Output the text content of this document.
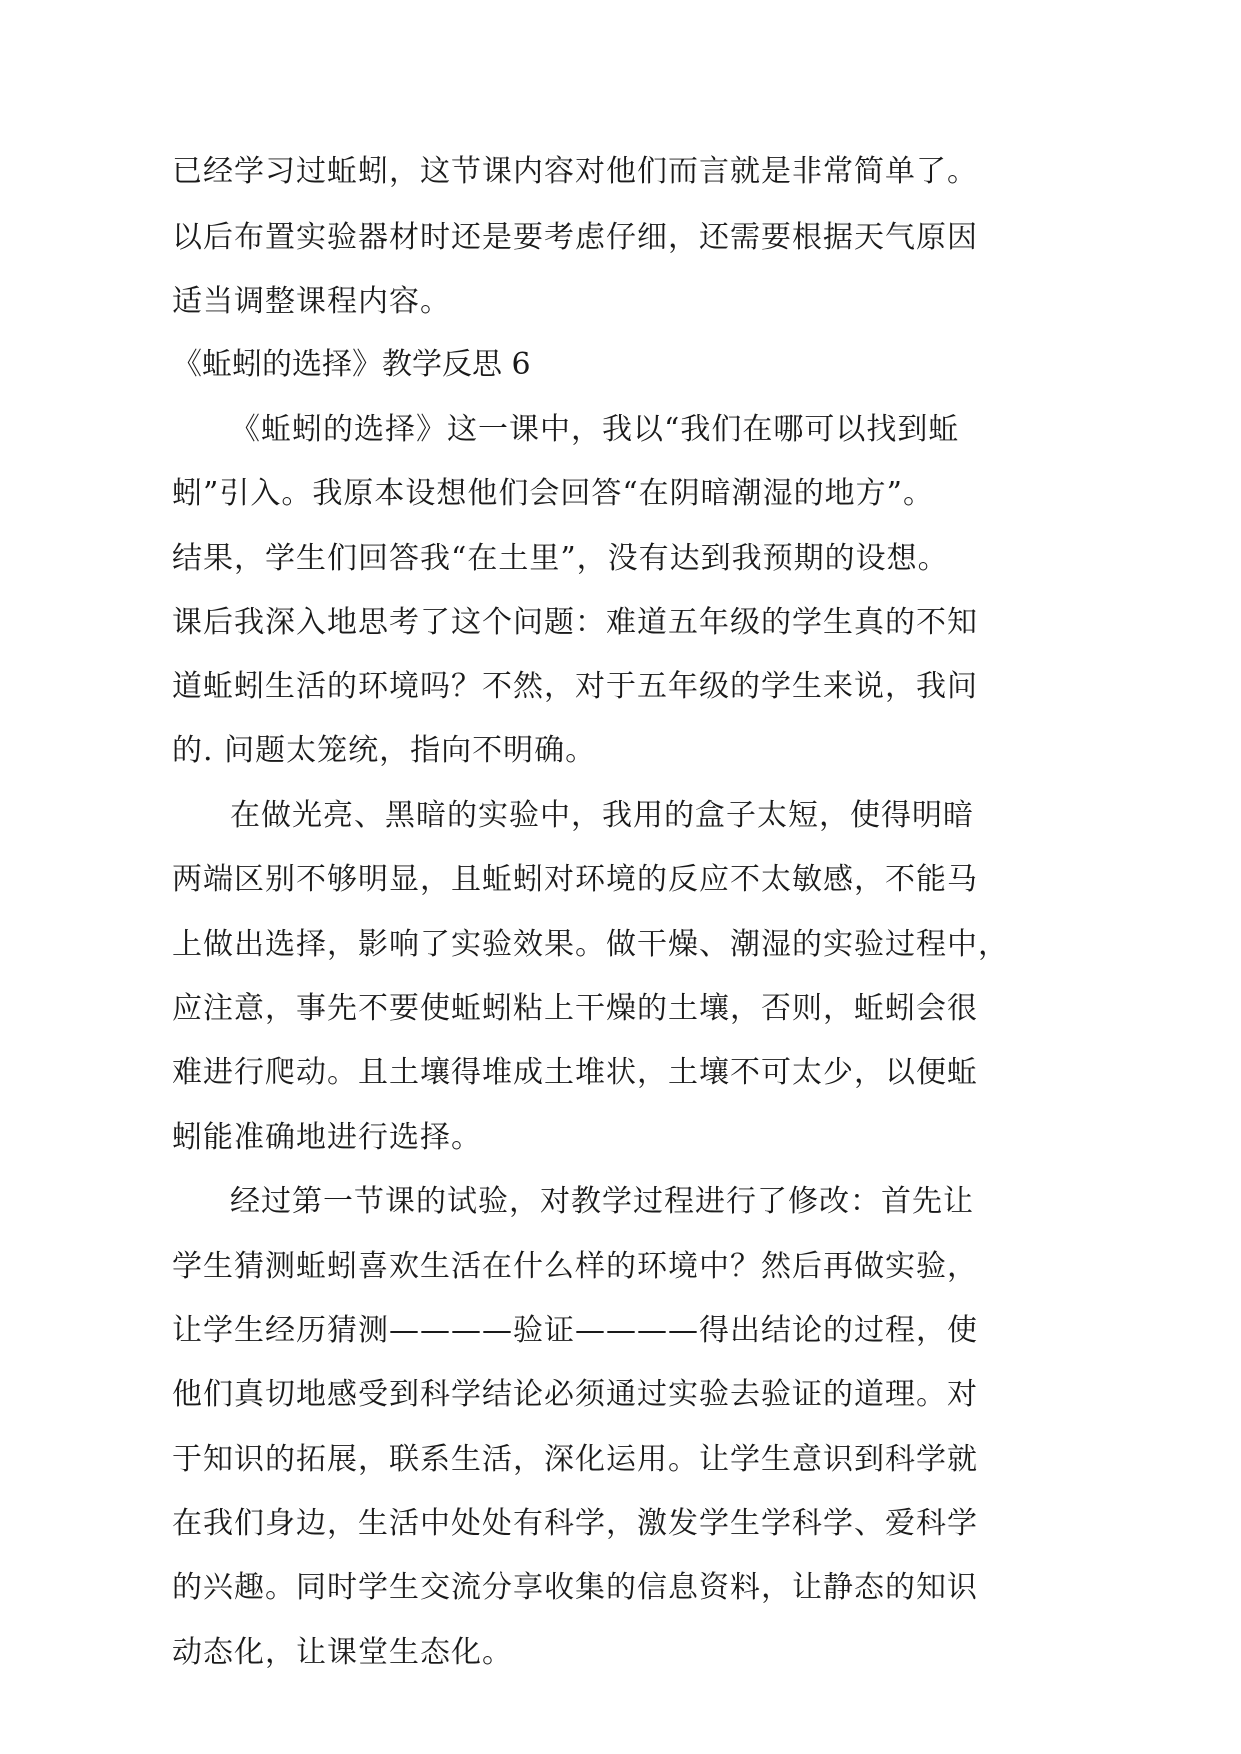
已经学习过蚯蚓，这节课内容对他们而言就是非常简单了。
以后布置实验器材时还是要考虑仔细，还需要根据天气原因
适当调整课程内容。
《蚯蚓的选择》教学反思 6
《蚯蚓的选择》这一课中，我以“我们在哪可以找到蚯
蚓”引入。我原本设想他们会回答“在阴暗潮湿的地方”。
结果，学生们回答我“在土里”，没有达到我预期的设想。
课后我深入地思考了这个问题：难道五年级的学生真的不知
道蚯蚓生活的环境吗？不然，对于五年级的学生来说，我问
的. 问题太笼统，指向不明确。
在做光亮、黑暗的实验中，我用的盒子太短，使得明暗
两端区别不够明显，且蚯蚓对环境的反应不太敏感，不能马
上做出选择，影响了实验效果。做干燥、潮湿的实验过程中，
应注意，事先不要使蚯蚓粘上干燥的土壤，否则，蚯蚓会很
难进行爬动。且土壤得堆成土堆状，土壤不可太少，以便蚯
蚓能准确地进行选择。
经过第一节课的试验，对教学过程进行了修改：首先让
学生猜测蚯蚓喜欢生活在什么样的环境中？然后再做实验，
让学生经历猜测————验证————得出结论的过程，使
他们真切地感受到科学结论必须通过实验去验证的道理。对
于知识的拓展，联系生活，深化运用。让学生意识到科学就
在我们身边，生活中处处有科学，激发学生学科学、爱科学
的兴趣。同时学生交流分享收集的信息资料，让静态的知识
动态化，让课堂生态化。
